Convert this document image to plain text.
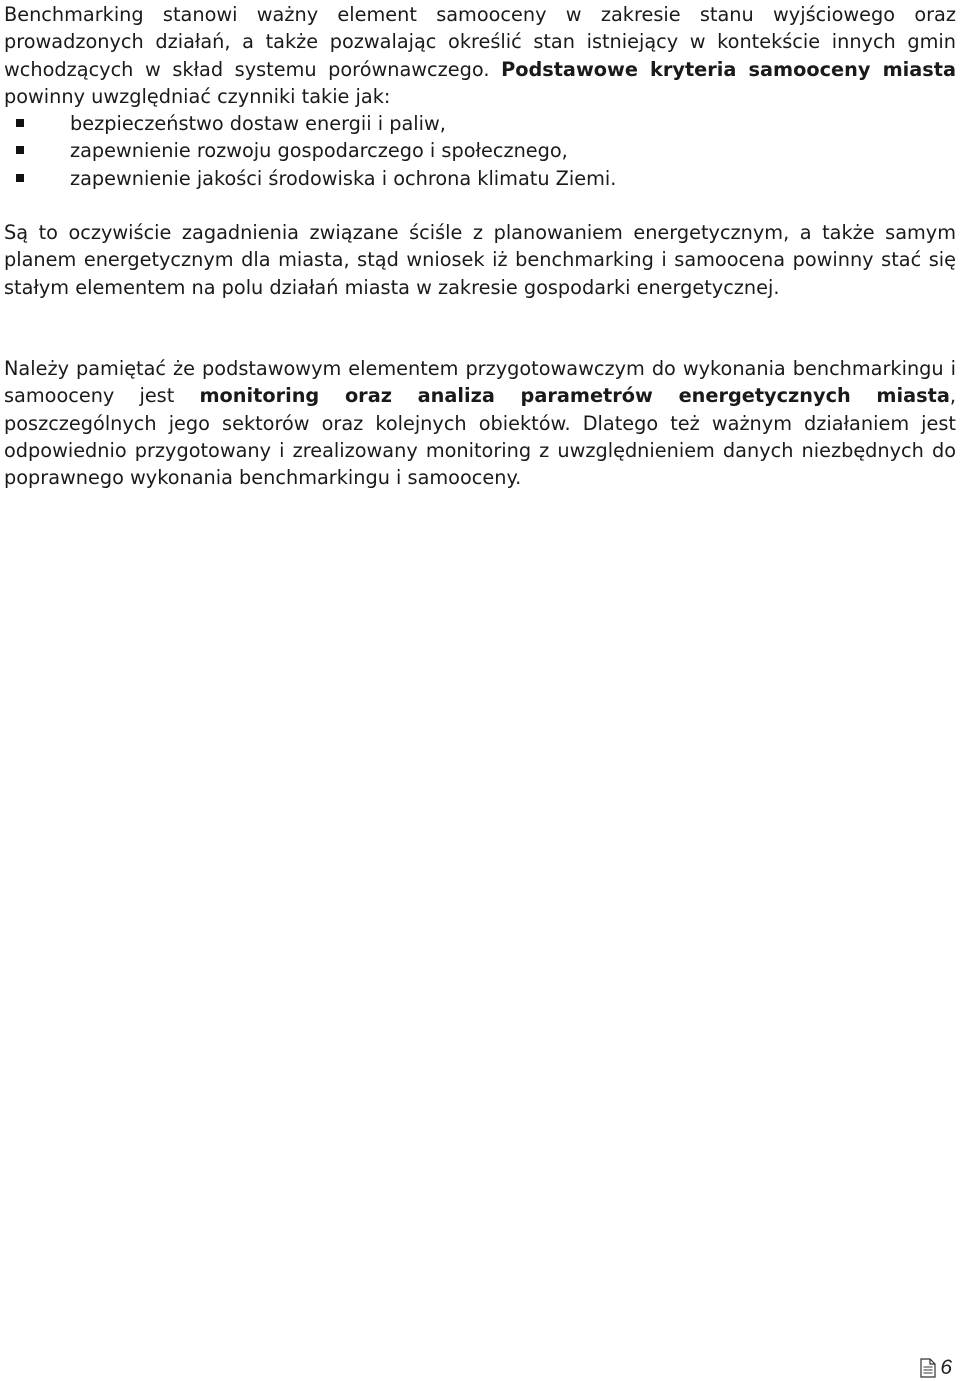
Benchmarking stanowi ważny element samooceny w zakresie stanu wyjściowego oraz prowadzonych działań, a także pozwalając określić stan istniejący w kontekście innych gmin wchodzących w skład systemu porównawczego. Podstawowe kryteria samooceny miasta powinny uwzględniać czynniki takie jak:

bezpieczeństwo dostaw energii i paliw,
zapewnienie rozwoju gospodarczego i społecznego,
zapewnienie jakości środowiska i ochrona klimatu Ziemi.

Są to oczywiście zagadnienia związane ściśle z planowaniem energetycznym, a także samym planem energetycznym dla miasta, stąd wniosek iż benchmarking i samoocena powinny stać się stałym elementem na polu działań miasta w zakresie gospodarki energetycznej.

Należy pamiętać że podstawowym elementem przygotowawczym do wykonania benchmarkingu i samooceny jest monitoring oraz analiza parametrów energetycznych miasta, poszczególnych jego sektorów oraz kolejnych obiektów. Dlatego też ważnym działaniem jest odpowiednio przygotowany i zrealizowany monitoring z uwzględnieniem danych niezbędnych do poprawnego wykonania benchmarkingu i samooceny.

6
